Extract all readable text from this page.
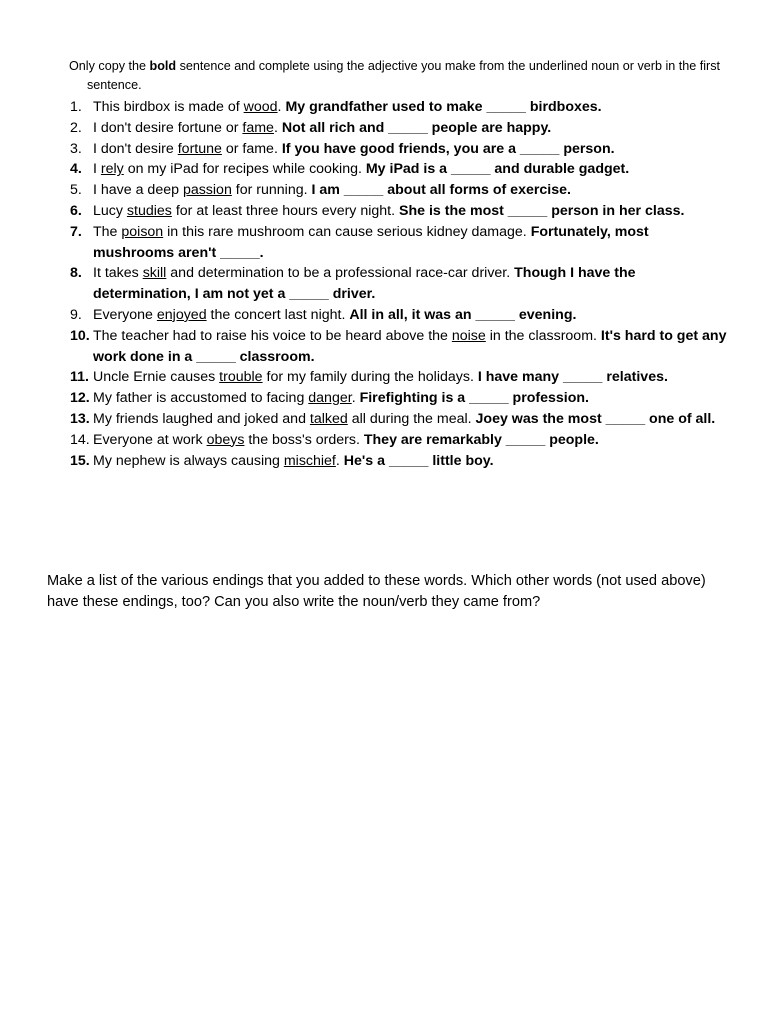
Only copy the bold sentence and complete using the adjective you make from the underlined noun or verb in the first sentence.

1. This birdbox is made of wood. My grandfather used to make _____ birdboxes.
2. I don't desire fortune or fame. Not all rich and _____ people are happy.
3. I don't desire fortune or fame. If you have good friends, you are a _____ person.
4. I rely on my iPad for recipes while cooking. My iPad is a _____ and durable gadget.
5. I have a deep passion for running. I am _____ about all forms of exercise.
6. Lucy studies for at least three hours every night. She is the most _____ person in her class.
7. The poison in this rare mushroom can cause serious kidney damage. Fortunately, most mushrooms aren't _____.
8. It takes skill and determination to be a professional race-car driver. Though I have the determination, I am not yet a _____ driver.
9. Everyone enjoyed the concert last night. All in all, it was an _____ evening.
10. The teacher had to raise his voice to be heard above the noise in the classroom. It's hard to get any work done in a _____ classroom.
11. Uncle Ernie causes trouble for my family during the holidays. I have many _____ relatives.
12. My father is accustomed to facing danger. Firefighting is a _____ profession.
13. My friends laughed and joked and talked all during the meal. Joey was the most _____ one of all.
14. Everyone at work obeys the boss's orders. They are remarkably _____ people.
15. My nephew is always causing mischief. He's a _____ little boy.

Make a list of the various endings that you added to these words. Which other words (not used above) have these endings, too? Can you also write the noun/verb they came from?
